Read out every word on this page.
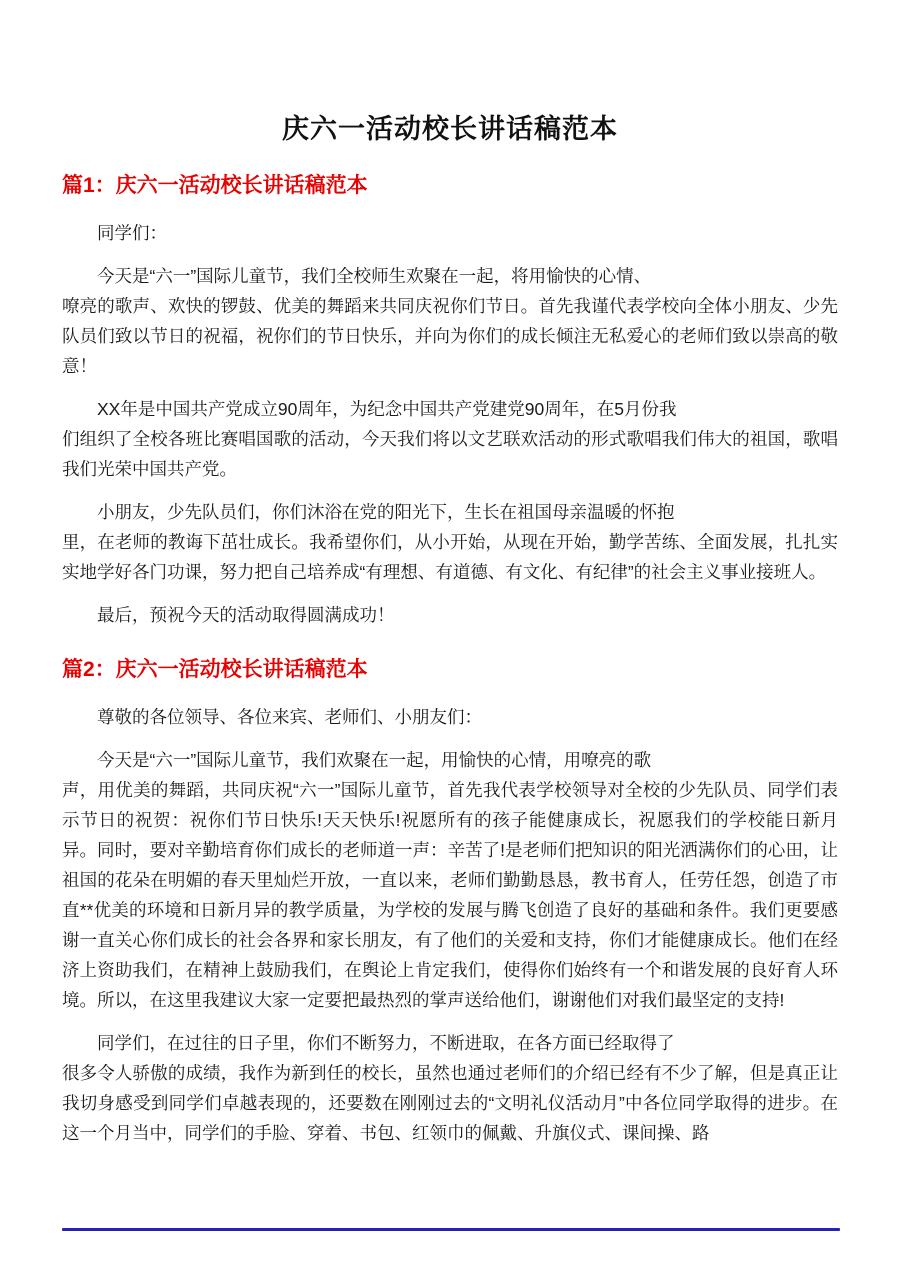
庆六一活动校长讲话稿范本
篇1：庆六一活动校长讲话稿范本

同学们：

今天是“六一”国际儿童节，我们全校师生欢聚在一起，将用愉快的心情、
嘹亮的歌声、欢快的锣鼓、优美的舞蹈来共同庆祝你们节日。首先我谨代表学校向全体小朋友、少先队员们致以节日的祝福，祝你们的节日快乐，并向为你们的成长倾注无私爱心的老师们致以崇高的敬意！

XX年是中国共产党成立90周年，为纪念中国共产党建党90周年，在5月份我
们组织了全校各班比赛唱国歌的活动，今天我们将以文艺联欢活动的形式歌唱我们伟大的祖国，歌唱我们光荣中国共产党。

小朋友，少先队员们，你们沐浴在党的阳光下，生长在祖国母亲温暖的怀抱
里，在老师的教诲下茁壮成长。我希望你们，从小开始，从现在开始，勤学苦练、全面发展，扎扎实实地学好各门功课，努力把自己培养成“有理想、有道德、有文化、有纪律”的社会主义事业接班人。

最后，预祝今天的活动取得圆满成功！

篇2：庆六一活动校长讲话稿范本

尊敬的各位领导、各位来宾、老师们、小朋友们：

今天是“六一”国际儿童节，我们欢聚在一起，用愉快的心情，用嘹亮的歌
声，用优美的舞蹈，共同庆祝“六一”国际儿童节，首先我代表学校领导对全校的少先队员、同学们表示节日的祝贺：祝你们节日快乐!天天快乐!祝愿所有的孩子能健康成长，祝愿我们的学校能日新月异。同时，要对辛勤培育你们成长的老师道一声：辛苦了!是老师们把知识的阳光洒满你们的心田，让祖国的花朵在明媚的春天里灿烂开放，一直以来，老师们勤勤恳恳，教书育人，任劳任怨，创造了市直**优美的环境和日新月异的教学质量，为学校的发展与腾飞创造了良好的基础和条件。我们更要感谢一直关心你们成长的社会各界和家长朋友，有了他们的关爱和支持，你们才能健康成长。他们在经济上资助我们，在精神上鼓励我们，在舆论上肯定我们，使得你们始终有一个和谐发展的良好育人环境。所以，在这里我建议大家一定要把最热烈的掌声送给他们，谢谢他们对我们最坚定的支持!

同学们，在过往的日子里，你们不断努力，不断进取，在各方面已经取得了
很多令人骄傲的成绩，我作为新到任的校长，虽然也通过老师们的介绍已经有不少了解，但是真正让我切身感受到同学们卓越表现的，还要数在刚刚过去的“文明礼仪活动月”中各位同学取得的进步。在这一个月当中，同学们的手脸、穿着、书包、红领巾的佩戴、升旗仪式、课间操、路
